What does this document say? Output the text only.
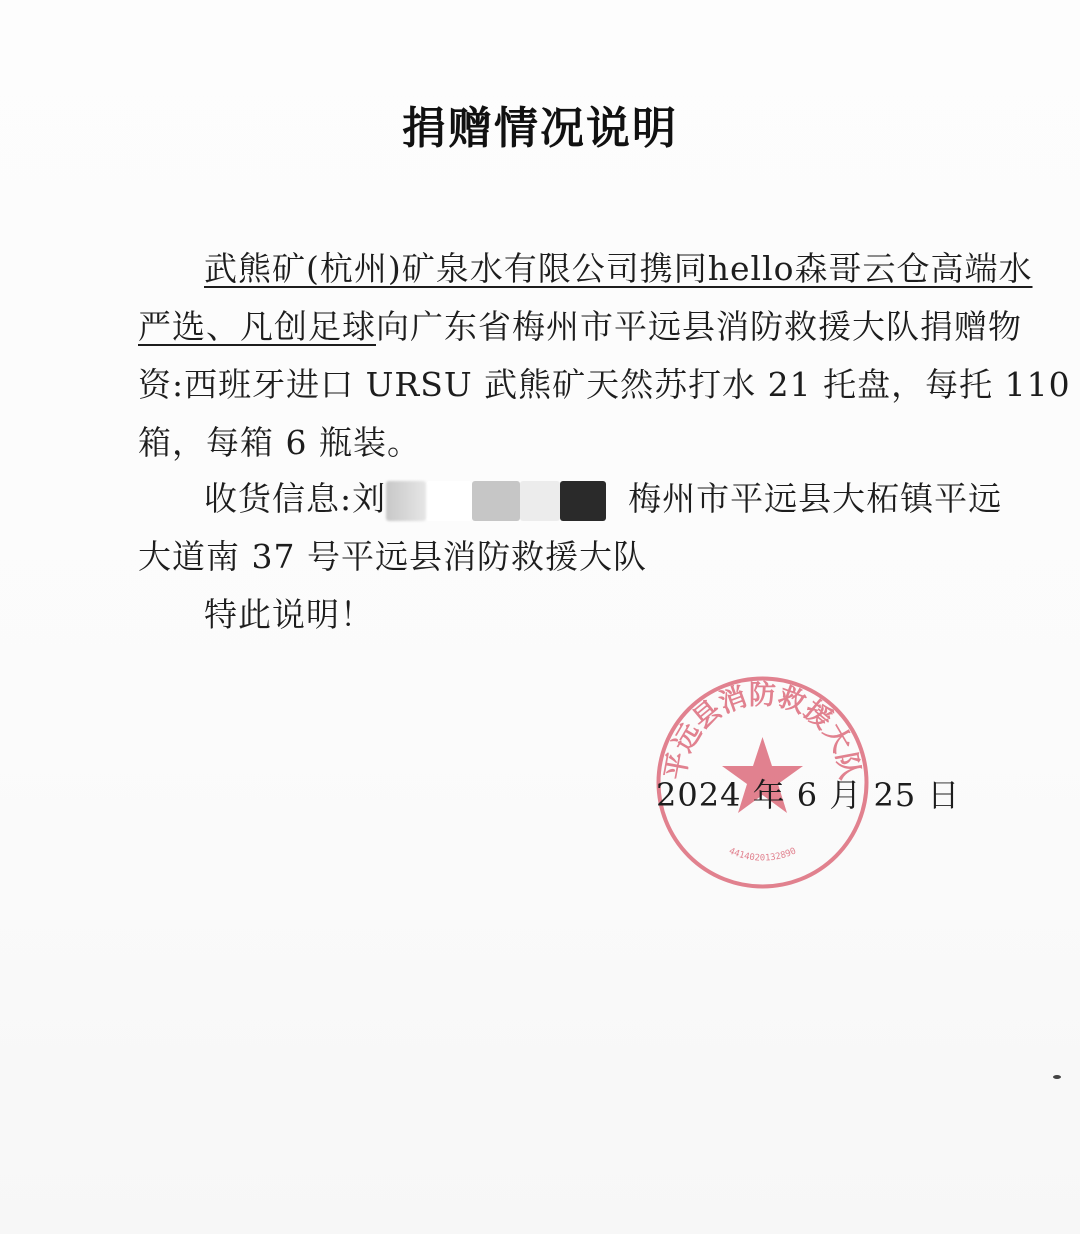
捐赠情况说明
武熊矿(杭州)矿泉水有限公司携同hello森哥云仓高端水
严选、凡创足球向广东省梅州市平远县消防救援大队捐赠物
资:西班牙进口 URSU 武熊矿天然苏打水 21 托盘，每托 110
箱，每箱 6 瓶装。
收货信息:刘	梅州市平远县大柘镇平远
大道南 37 号平远县消防救援大队
特此说明！
平远县消防救援大队
4414020132890
2024 年 6 月 25 日
